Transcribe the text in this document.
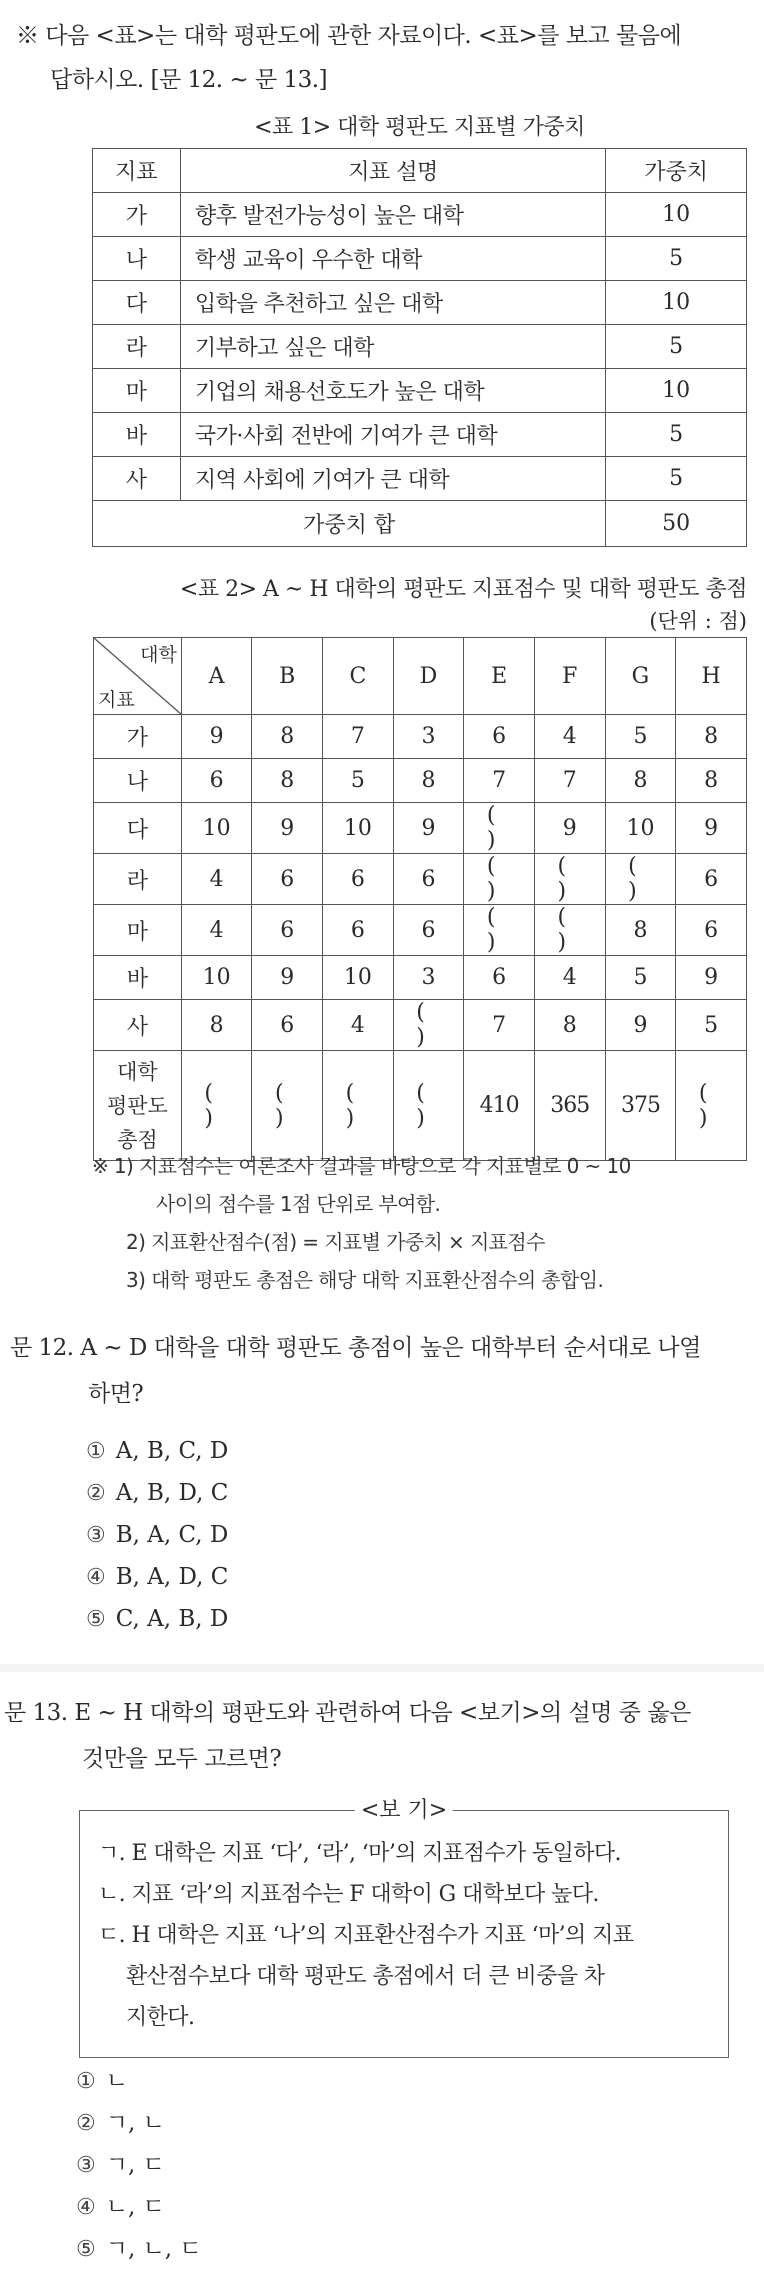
※ 다음 <표>는 대학 평판도에 관한 자료이다. <표>를 보고 물음에
답하시오. [문 12. ~ 문 13.]
<표 1> 대학 평판도 지표별 가중치
지표	지표 설명	가중치
가	향후 발전가능성이 높은 대학	10
나	학생 교육이 우수한 대학	5
다	입학을 추천하고 싶은 대학	10
라	기부하고 싶은 대학	5
마	기업의 채용선호도가 높은 대학	10
바	국가·사회 전반에 기여가 큰 대학	5
사	지역 사회에 기여가 큰 대학	5
가중치 합		50
<표 2> A ~ H 대학의 평판도 지표점수 및 대학 평판도 총점
(단위 : 점)
대학
지표	A	B	C	D	E	F	G	H
가	9	8	7	3	6	4	5	8
나	6	8	5	8	7	7	8	8
다	10	9	10	9	( )	9	10	9
라	4	6	6	6	( )	( )	( )	6
마	4	6	6	6	( )	( )	8	6
바	10	9	10	3	6	4	5	9
사	8	6	4	( )	7	8	9	5

대학
평판도
총점	( )	( )	( )	( )	410	365	375	( )
※ 1) 지표점수는 여론조사 결과를 바탕으로 각 지표별로 0 ~ 10
사이의 점수를 1점 단위로 부여함.
2) 지표환산점수(점) = 지표별 가중치 × 지표점수
3) 대학 평판도 총점은 해당 대학 지표환산점수의 총합임.
문 12. A ~ D 대학을 대학 평판도 총점이 높은 대학부터 순서대로 나열
하면?
① A, B, C, D
② A, B, D, C
③ B, A, C, D
④ B, A, D, C
⑤ C, A, B, D
문 13. E ~ H 대학의 평판도와 관련하여 다음 <보기>의 설명 중 옳은
것만을 모두 고르면?
<보 기>
ㄱ. E 대학은 지표 ‘다’, ‘라’, ‘마’의 지표점수가 동일하다.
ㄴ. 지표 ‘라’의 지표점수는 F 대학이 G 대학보다 높다.
ㄷ. H 대학은 지표 ‘나’의 지표환산점수가 지표 ‘마’의 지표
환산점수보다 대학 평판도 총점에서 더 큰 비중을 차
지한다.
① ㄴ
② ㄱ, ㄴ
③ ㄱ, ㄷ
④ ㄴ, ㄷ
⑤ ㄱ, ㄴ, ㄷ
